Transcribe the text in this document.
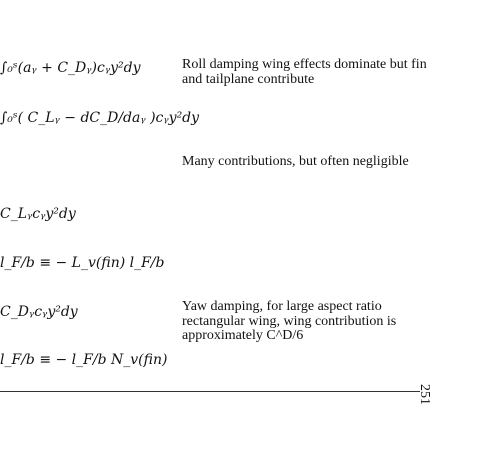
∫₀ˢ(aᵧ + C_Dᵧ)cᵧy²dy
∫₀ˢ( C_Lᵧ − dC_D/daᵧ )cᵧy²dy
C_Lᵧcᵧy²dy
l_F/b ≡ − L_v(fin) l_F/b
C_Dᵧcᵧy²dy
l_F/b ≡ − l_F/b N_v(fin)
Roll damping wing effects dominate but fin and tailplane contribute
Many contributions, but often negligible
Yaw damping, for large aspect ratio rectangular wing, wing contribution is approximately C^D/6
251
